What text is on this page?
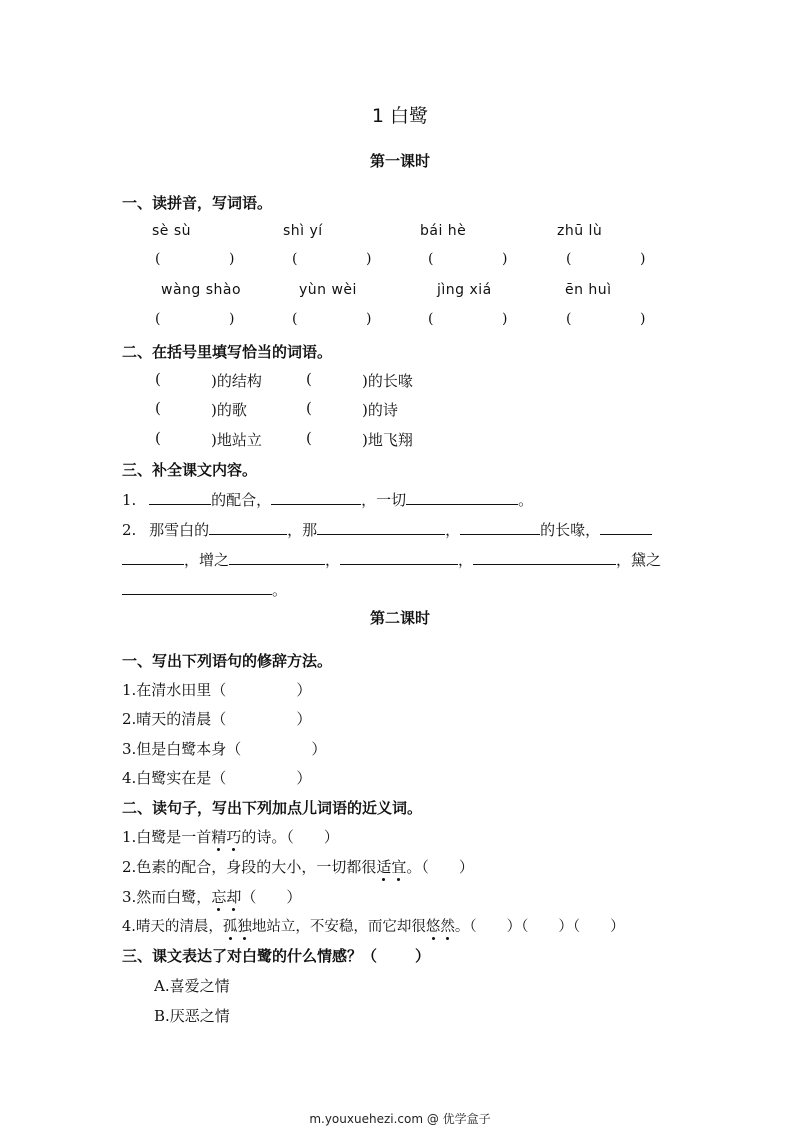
1 白鹭
第一课时
一、读拼音，写词语。
sè sù	shì yí	bái hè	zhū lù
(	)	(	)	(	)	(	)
wàng shào	yùn wèi	jìng xiá	ēn huì
(	)	(	)	(	)	(	)
二、在括号里填写恰当的词语。
(	)的结构	(	)的长喙
(	)的歌	(	)的诗
(	)地站立	(	)地飞翔
三、补全课文内容。
1.	的配合，	，一切	。
2. 那雪白的	，那	，	的长喙，
，增之	，	，	，黛之
。
第二课时
一、写出下列语句的修辞方法。
1.在清水田里（	）
2.晴天的清晨（	）
3.但是白鹭本身（	）
4.白鹭实在是（	）
二、读句子，写出下列加点儿词语的近义词。
1.白鹭是一首精巧的诗。（ ）
2.色素的配合，身段的大小，一切都很适宜。（ ）
3.然而白鹭，忘却（ ）
4.晴天的清晨，孤独地站立，不安稳，而它却很悠然。（ ）（ ）（ ）
三、课文表达了对白鹭的什么情感？（	）
A.喜爱之情
B.厌恶之情
m.youxuehezi.com @ 优学盒子
